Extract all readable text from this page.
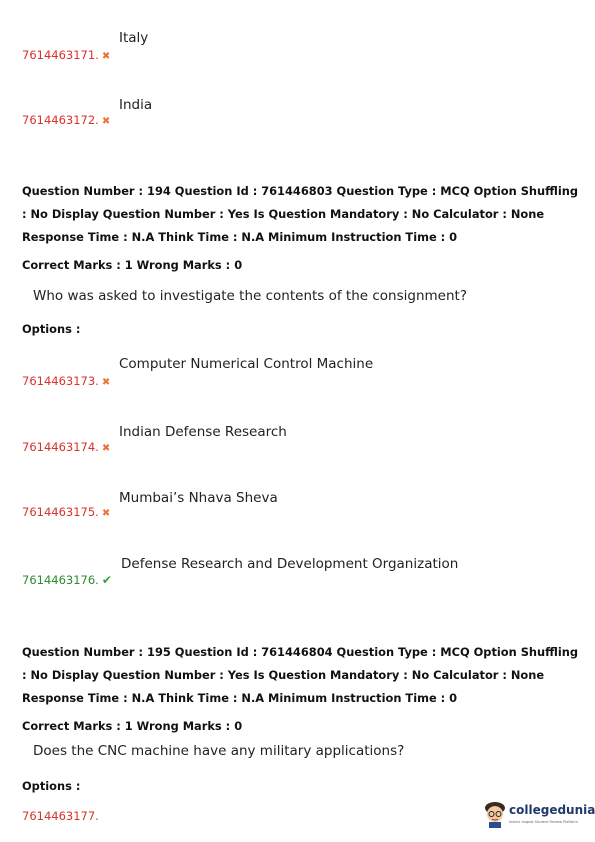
Italy
7614463171. ✖
India
7614463172. ✖
Question Number : 194 Question Id : 761446803 Question Type : MCQ Option Shuffling : No Display Question Number : Yes Is Question Mandatory : No Calculator : None Response Time : N.A Think Time : N.A Minimum Instruction Time : 0
Correct Marks : 1 Wrong Marks : 0
Who was asked to investigate the contents of the consignment?
Options :
Computer Numerical Control Machine
7614463173. ✖
Indian Defense Research
7614463174. ✖
Mumbai’s Nhava Sheva
7614463175. ✖
Defense Research and Development Organization
7614463176. ✔
Question Number : 195 Question Id : 761446804 Question Type : MCQ Option Shuffling : No Display Question Number : Yes Is Question Mandatory : No Calculator : None Response Time : N.A Think Time : N.A Minimum Instruction Time : 0
Correct Marks : 1 Wrong Marks : 0
Does the CNC machine have any military applications?
Options :
7614463177.	collegedunia
India's largest Student Review Platform
